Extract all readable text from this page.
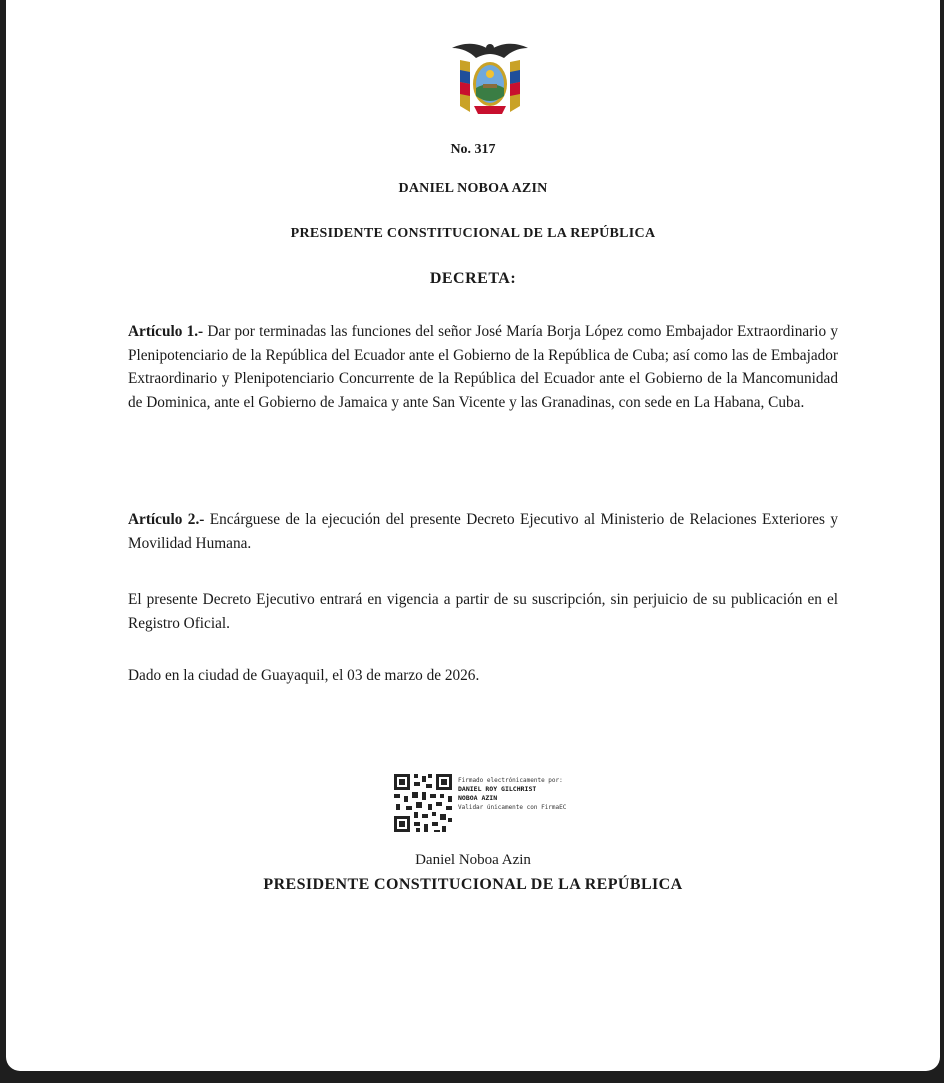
No. 317
DANIEL NOBOA AZIN
PRESIDENTE CONSTITUCIONAL DE LA REPÚBLICA
DECRETA:
Artículo 1.- Dar por terminadas las funciones del señor José María Borja López como Embajador Extraordinario y Plenipotenciario de la República del Ecuador ante el Gobierno de la República de Cuba; así como las de Embajador Extraordinario y Plenipotenciario Concurrente de la República del Ecuador ante el Gobierno de la Mancomunidad de Dominica, ante el Gobierno de Jamaica y ante San Vicente y las Granadinas, con sede en La Habana, Cuba.
Artículo 2.- Encárguese de la ejecución del presente Decreto Ejecutivo al Ministerio de Relaciones Exteriores y Movilidad Humana.
El presente Decreto Ejecutivo entrará en vigencia a partir de su suscripción, sin perjuicio de su publicación en el Registro Oficial.
Dado en la ciudad de Guayaquil, el 03 de marzo de 2026.
Firmado electrónicamente por:
DANIEL ROY GILCHRIST
NOBOA AZIN
Validar únicamente con FirmaEC
Daniel Noboa Azin
PRESIDENTE CONSTITUCIONAL DE LA REPÚBLICA
